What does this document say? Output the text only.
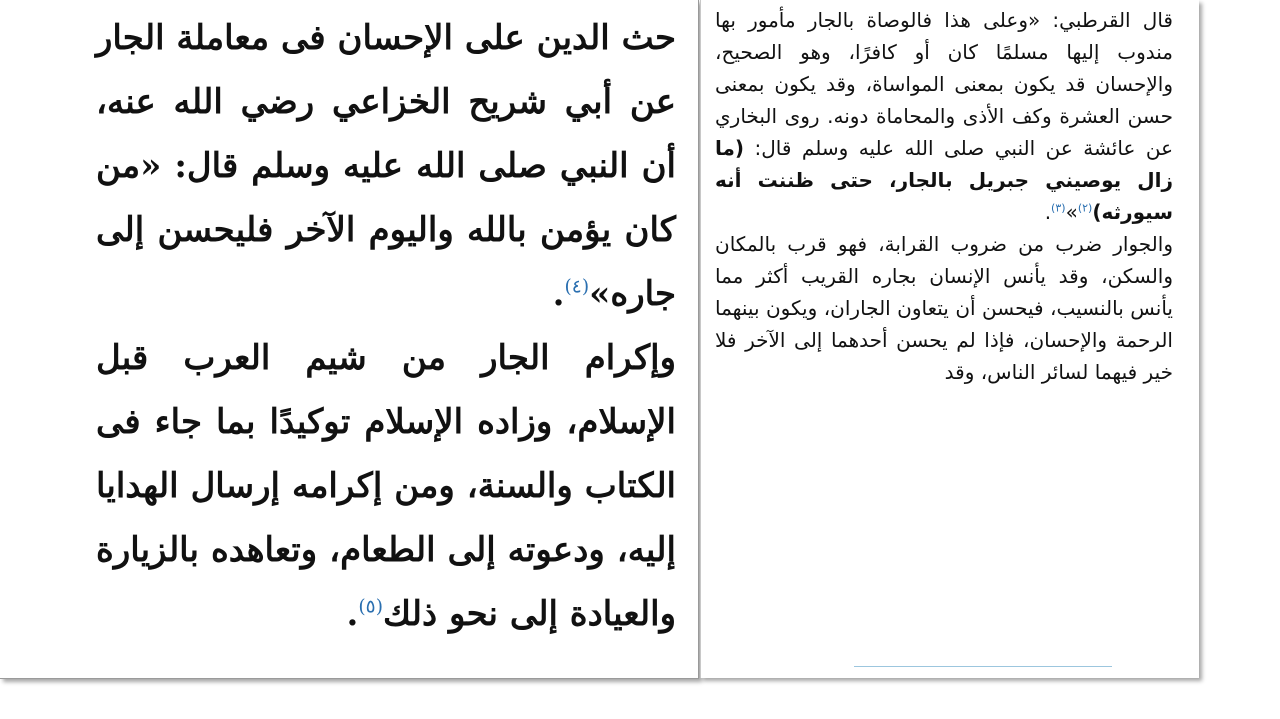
حث الدين على الإحسان فى معاملة الجار عن أبي شريح الخزاعي رضي الله عنه، أن النبي صلى الله عليه وسلم قال: «من كان يؤمن بالله واليوم الآخر فليحسن إلى جاره»$^{(٤)}$.

وإكرام الجار من شيم العرب قبل الإسلام، وزاده الإسلام توكيدًا بما جاء فى الكتاب والسنة، ومن إكرامه إرسال الهدايا إليه، ودعوته إلى الطعام، وتعاهده بالزيارة والعيادة إلى نحو ذلك$^{(٥)}$.

قال القرطبي: «وعلى هذا فالوصاة بالجار مأمور بها مندوب إليها مسلمًا كان أو كافرًا، وهو الصحيح، والإحسان قد يكون بمعنى المواساة، وقد يكون بمعنى حسن العشرة وكف الأذى والمحاماة دونه. روى البخاري عن عائشة عن النبي صلى الله عليه وسلم قال: (ما زال يوصيني جبريل بالجار، حتى ظننت أنه سيورثه)$^{(٢)}$»$^{(٣)}$.

والجوار ضرب من ضروب القرابة، فهو قرب بالمكان والسكن، وقد يأنس الإنسان بجاره القريب أكثر مما يأنس بالنسيب، فيحسن أن يتعاون الجاران، ويكون بينهما الرحمة والإحسان، فإذا لم يحسن أحدهما إلى الآخر فلا خير فيهما لسائر الناس، وقد
